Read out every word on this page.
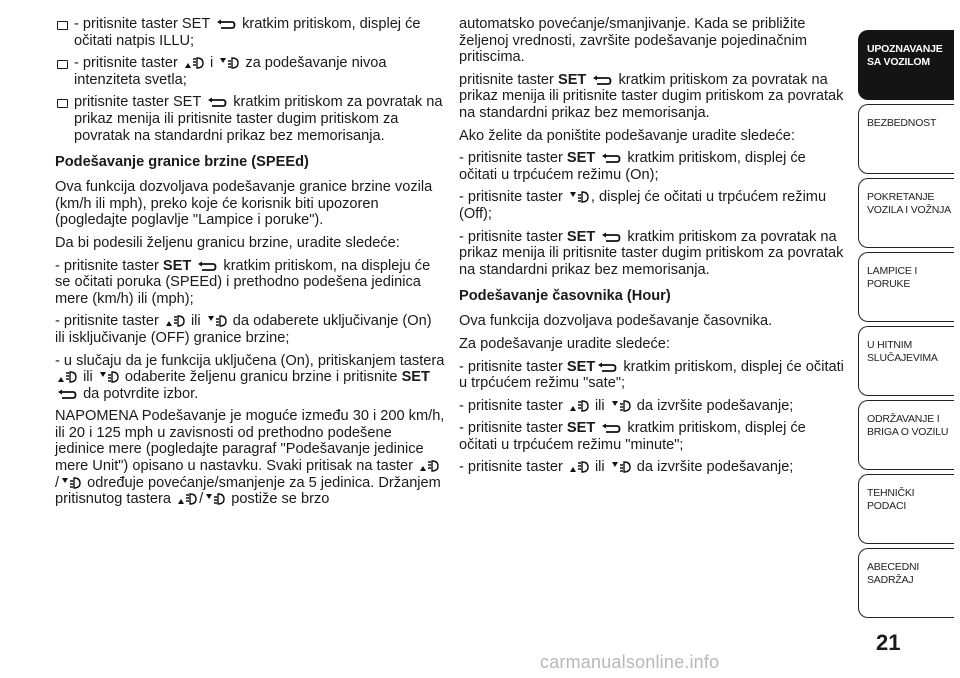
- pritisnite taster SET kratkim pritiskom, displej će očitati natpis ILLU;
- pritisnite taster i za podešavanje nivoa intenziteta svetla;
pritisnite taster SET kratkim pritiskom za povratak na prikaz menija ili pritisnite taster dugim pritiskom za povratak na standardni prikaz bez memorisanja.
Podešavanje granice brzine (SPEEd)

Ova funkcija dozvoljava podešavanje granice brzine vozila (km/h ili mph), preko koje će korisnik biti upozoren (pogledajte poglavlje "Lampice i poruke").

Da bi podesili željenu granicu brzine, uradite sledeće:

- pritisnite taster SET kratkim pritiskom, na displeju će se očitati poruka (SPEEd) i prethodno podešena jedinica mere (km/h) ili (mph);

- pritisnite taster ili da odaberete uključivanje (On) ili isključivanje (OFF) granice brzine;

- u slučaju da je funkcija uključena (On), pritiskanjem tastera
ili odaberite željenu granicu brzine i pritisnite SET
da potvrdite izbor.

NAPOMENA Podešavanje je moguće između 30 i 200 km/h, ili 20 i 125 mph u zavisnosti od prethodno podešene jedinice mere (pogledajte paragraf "Podešavanje jedinice mere Unit") opisano u nastavku. Svaki pritisak na taster
/ određuje povećanje/smanjenje za 5 jedinica. Držanjem pritisnutog tastera / postiže se brzo

automatsko povećanje/smanjivanje. Kada se približite željenoj vrednosti, završite podešavanje pojedinačnim pritiscima.

pritisnite taster SET kratkim pritiskom za povratak na prikaz menija ili pritisnite taster dugim pritiskom za povratak na standardni prikaz bez memorisanja.

Ako želite da poništite podešavanje uradite sledeće:

- pritisnite taster SET kratkim pritiskom, displej će očitati u trpćućem režimu (On);

- pritisnite taster , displej će očitati u trpćućem režimu (Off);

- pritisnite taster SET kratkim pritiskom za povratak na prikaz menija ili pritisnite taster dugim pritiskom za povratak na standardni prikaz bez memorisanja.

Podešavanje časovnika (Hour)

Ova funkcija dozvoljava podešavanje časovnika.

Za podešavanje uradite sledeće:

- pritisnite taster SET kratkim pritiskom, displej će očitati u trpćućem režimu "sate";

- pritisnite taster ili da izvršite podešavanje;

- pritisnite taster SET kratkim pritiskom, displej će očitati u trpćućem režimu "minute";

- pritisnite taster ili da izvršite podešavanje;

UPOZNAVANJE SA VOZILOM
BEZBEDNOST
POKRETANJE VOZILA I VOŽNJA
LAMPICE I PORUKE
U HITNIM SLUČAJEVIMA
ODRŽAVANJE I BRIGA O VOZILU
TEHNIČKI PODACI
ABECEDNI SADRŽAJ
21
carmanualsonline.info
